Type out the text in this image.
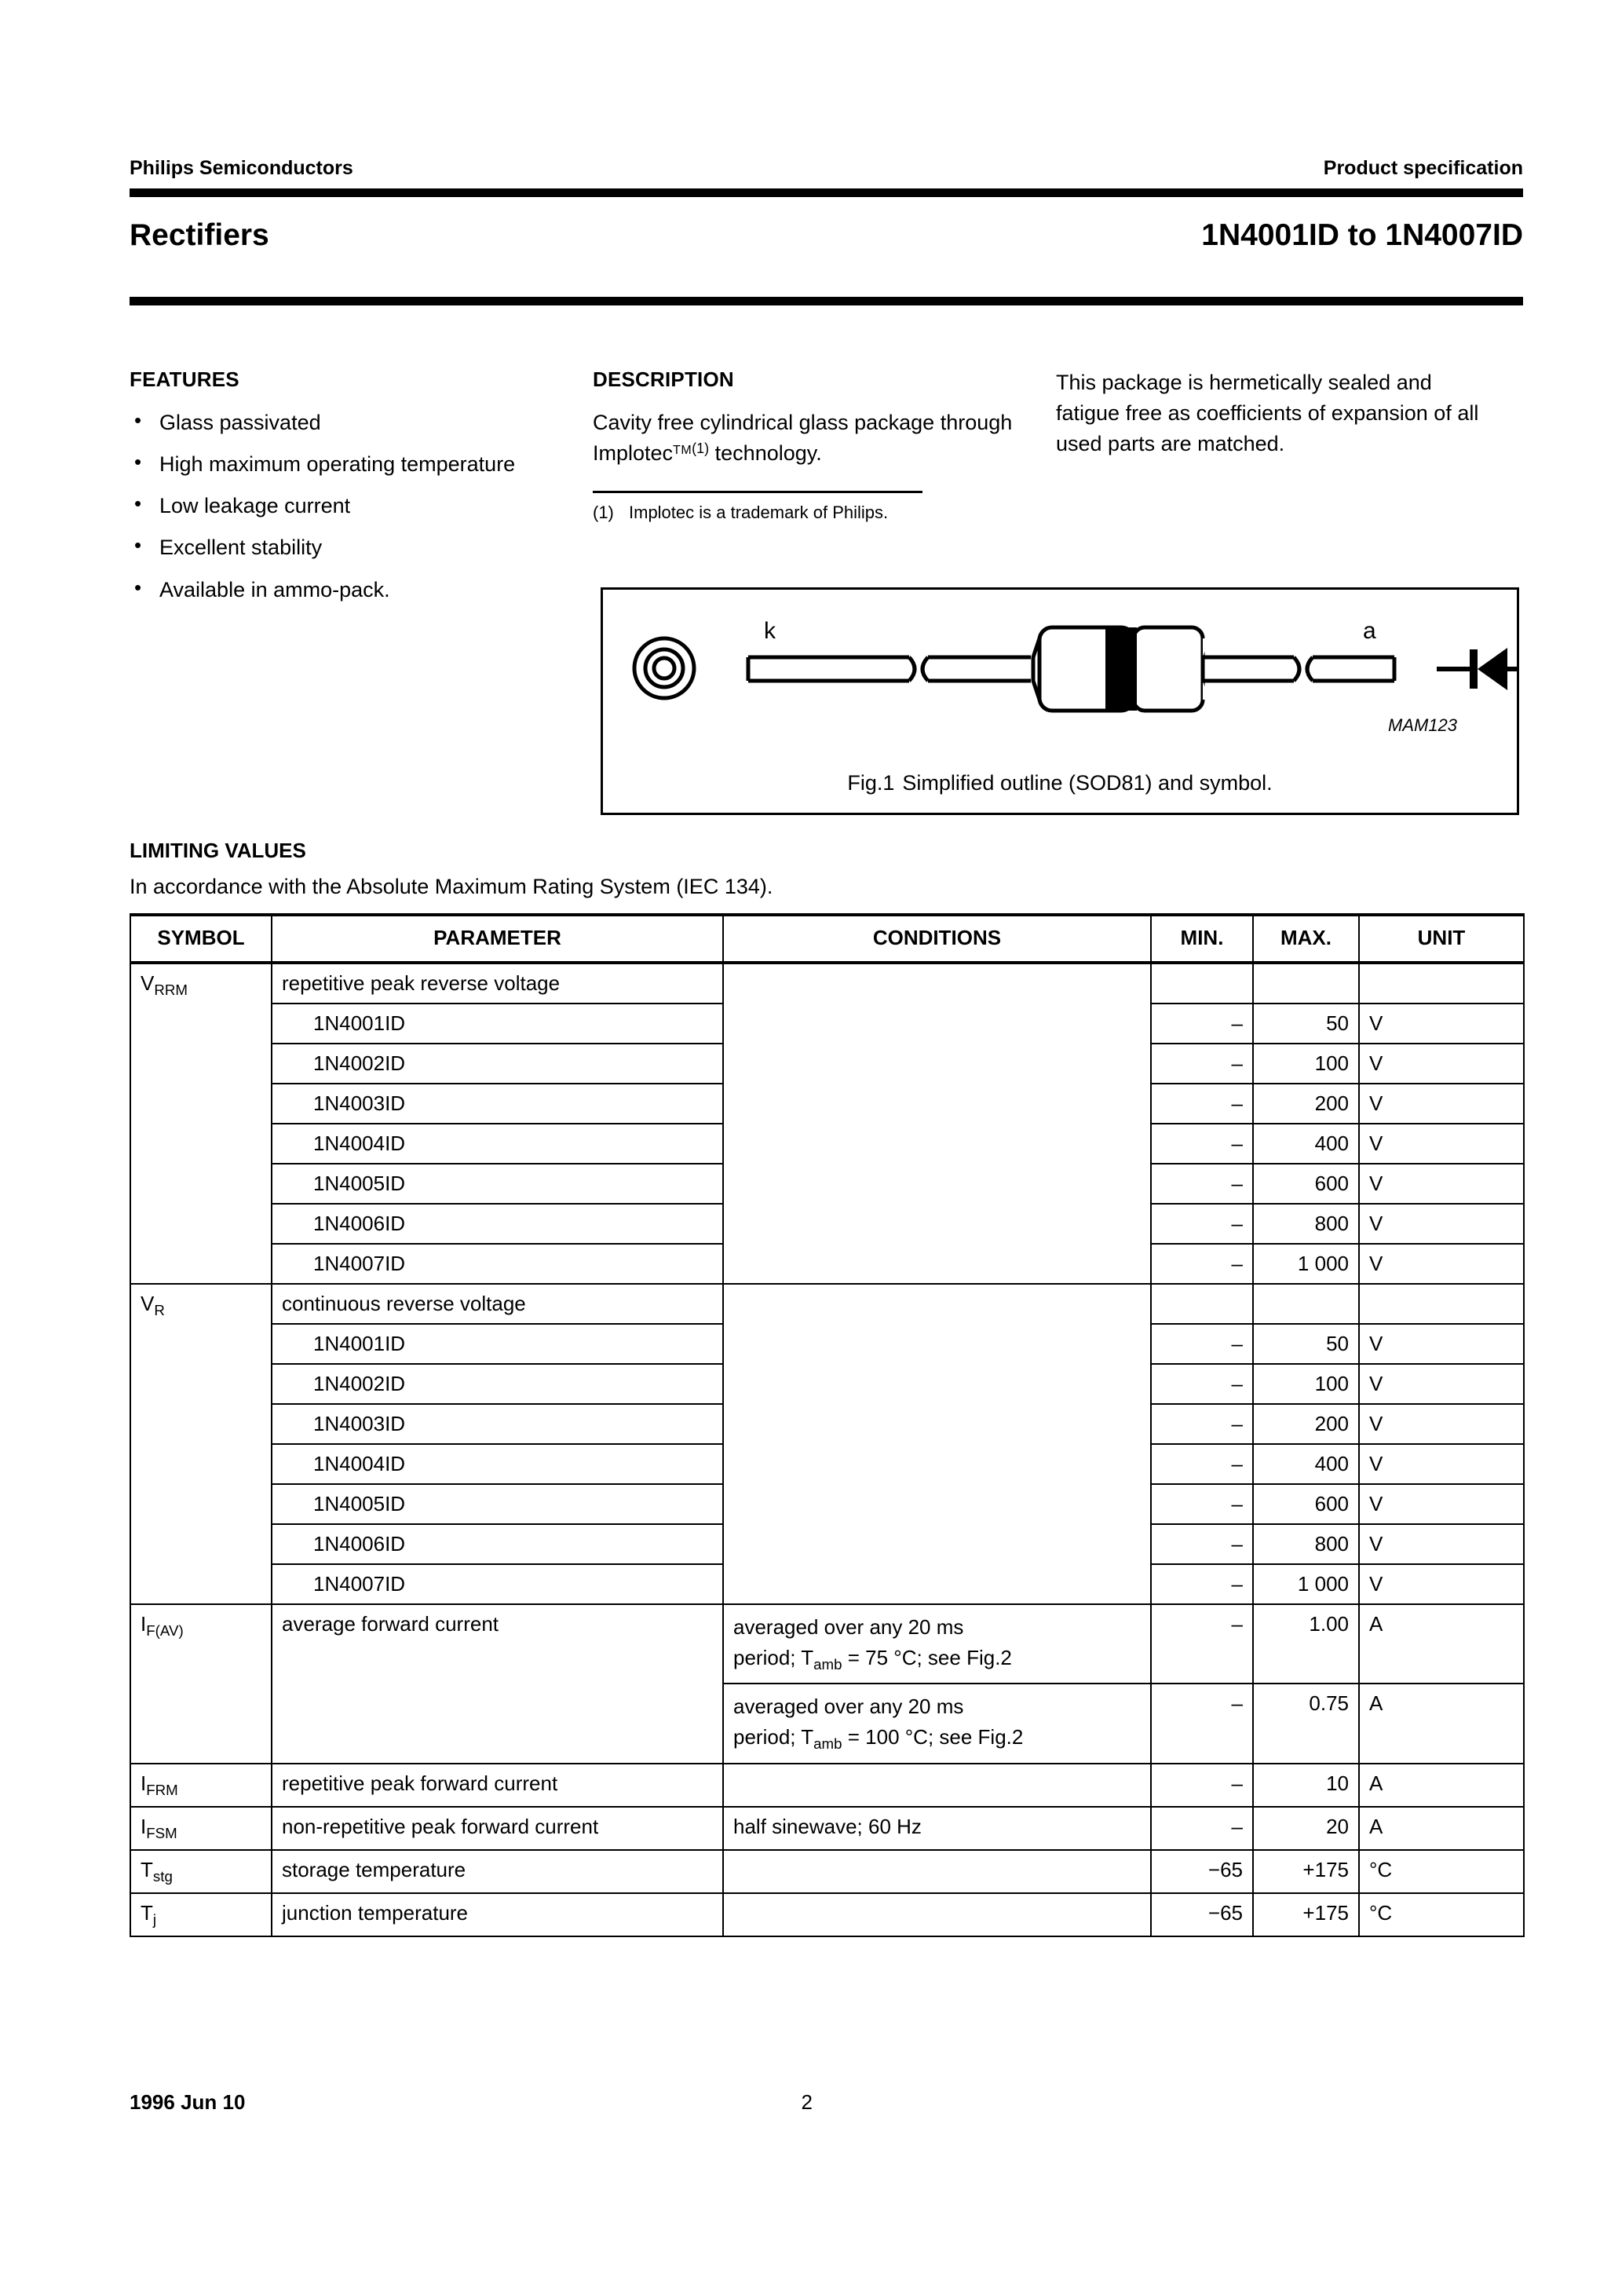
Philips Semiconductors	Product specification
Rectifiers	1N4001ID to 1N4007ID
FEATURES
• Glass passivated
• High maximum operating temperature
• Low leakage current
• Excellent stability
• Available in ammo-pack.
DESCRIPTION

Cavity free cylindrical glass package through Implotec$^{TM(1)}$ technology.

(1) Implotec is a trademark of Philips.

This package is hermetically sealed and fatigue free as coefficients of expansion of all used parts are matched.

k	a
MAM123
Fig.1 Simplified outline (SOD81) and symbol.
LIMITING VALUES
In accordance with the Absolute Maximum Rating System (IEC 134).
SYMBOL	PARAMETER	CONDITIONS	MIN.	MAX.	UNIT
$V_{RRM}$	repetitive peak reverse voltage				

	1N4001ID		–	50	V

	1N4002ID		–	100	V

	1N4003ID		–	200	V

	1N4004ID		–	400	V

	1N4005ID		–	600	V

	1N4006ID		–	800	V

	1N4007ID		–	1 000	V
$V_R$	continuous reverse voltage				

	1N4001ID		–	50	V

	1N4002ID		–	100	V

	1N4003ID		–	200	V

	1N4004ID		–	400	V

	1N4005ID		–	600	V

	1N4006ID		–	800	V

	1N4007ID		–	1 000	V
$I_{F(AV)}$	average forward current	averaged over any 20 ms
period; $T_{amb} = 75$ °C; see Fig.2	–	1.00	A
		averaged over any 20 ms
period; $T_{amb} = 100$ °C; see Fig.2	–	0.75	A
$I_{FRM}$	repetitive peak forward current		–	10	A
$I_{FSM}$	non-repetitive peak forward current	half sinewave; 60 Hz	–	20	A
$T_{stg}$	storage temperature		−65	+175	°C
$T_j$	junction temperature		−65	+175	°C
1996 Jun 10	2
